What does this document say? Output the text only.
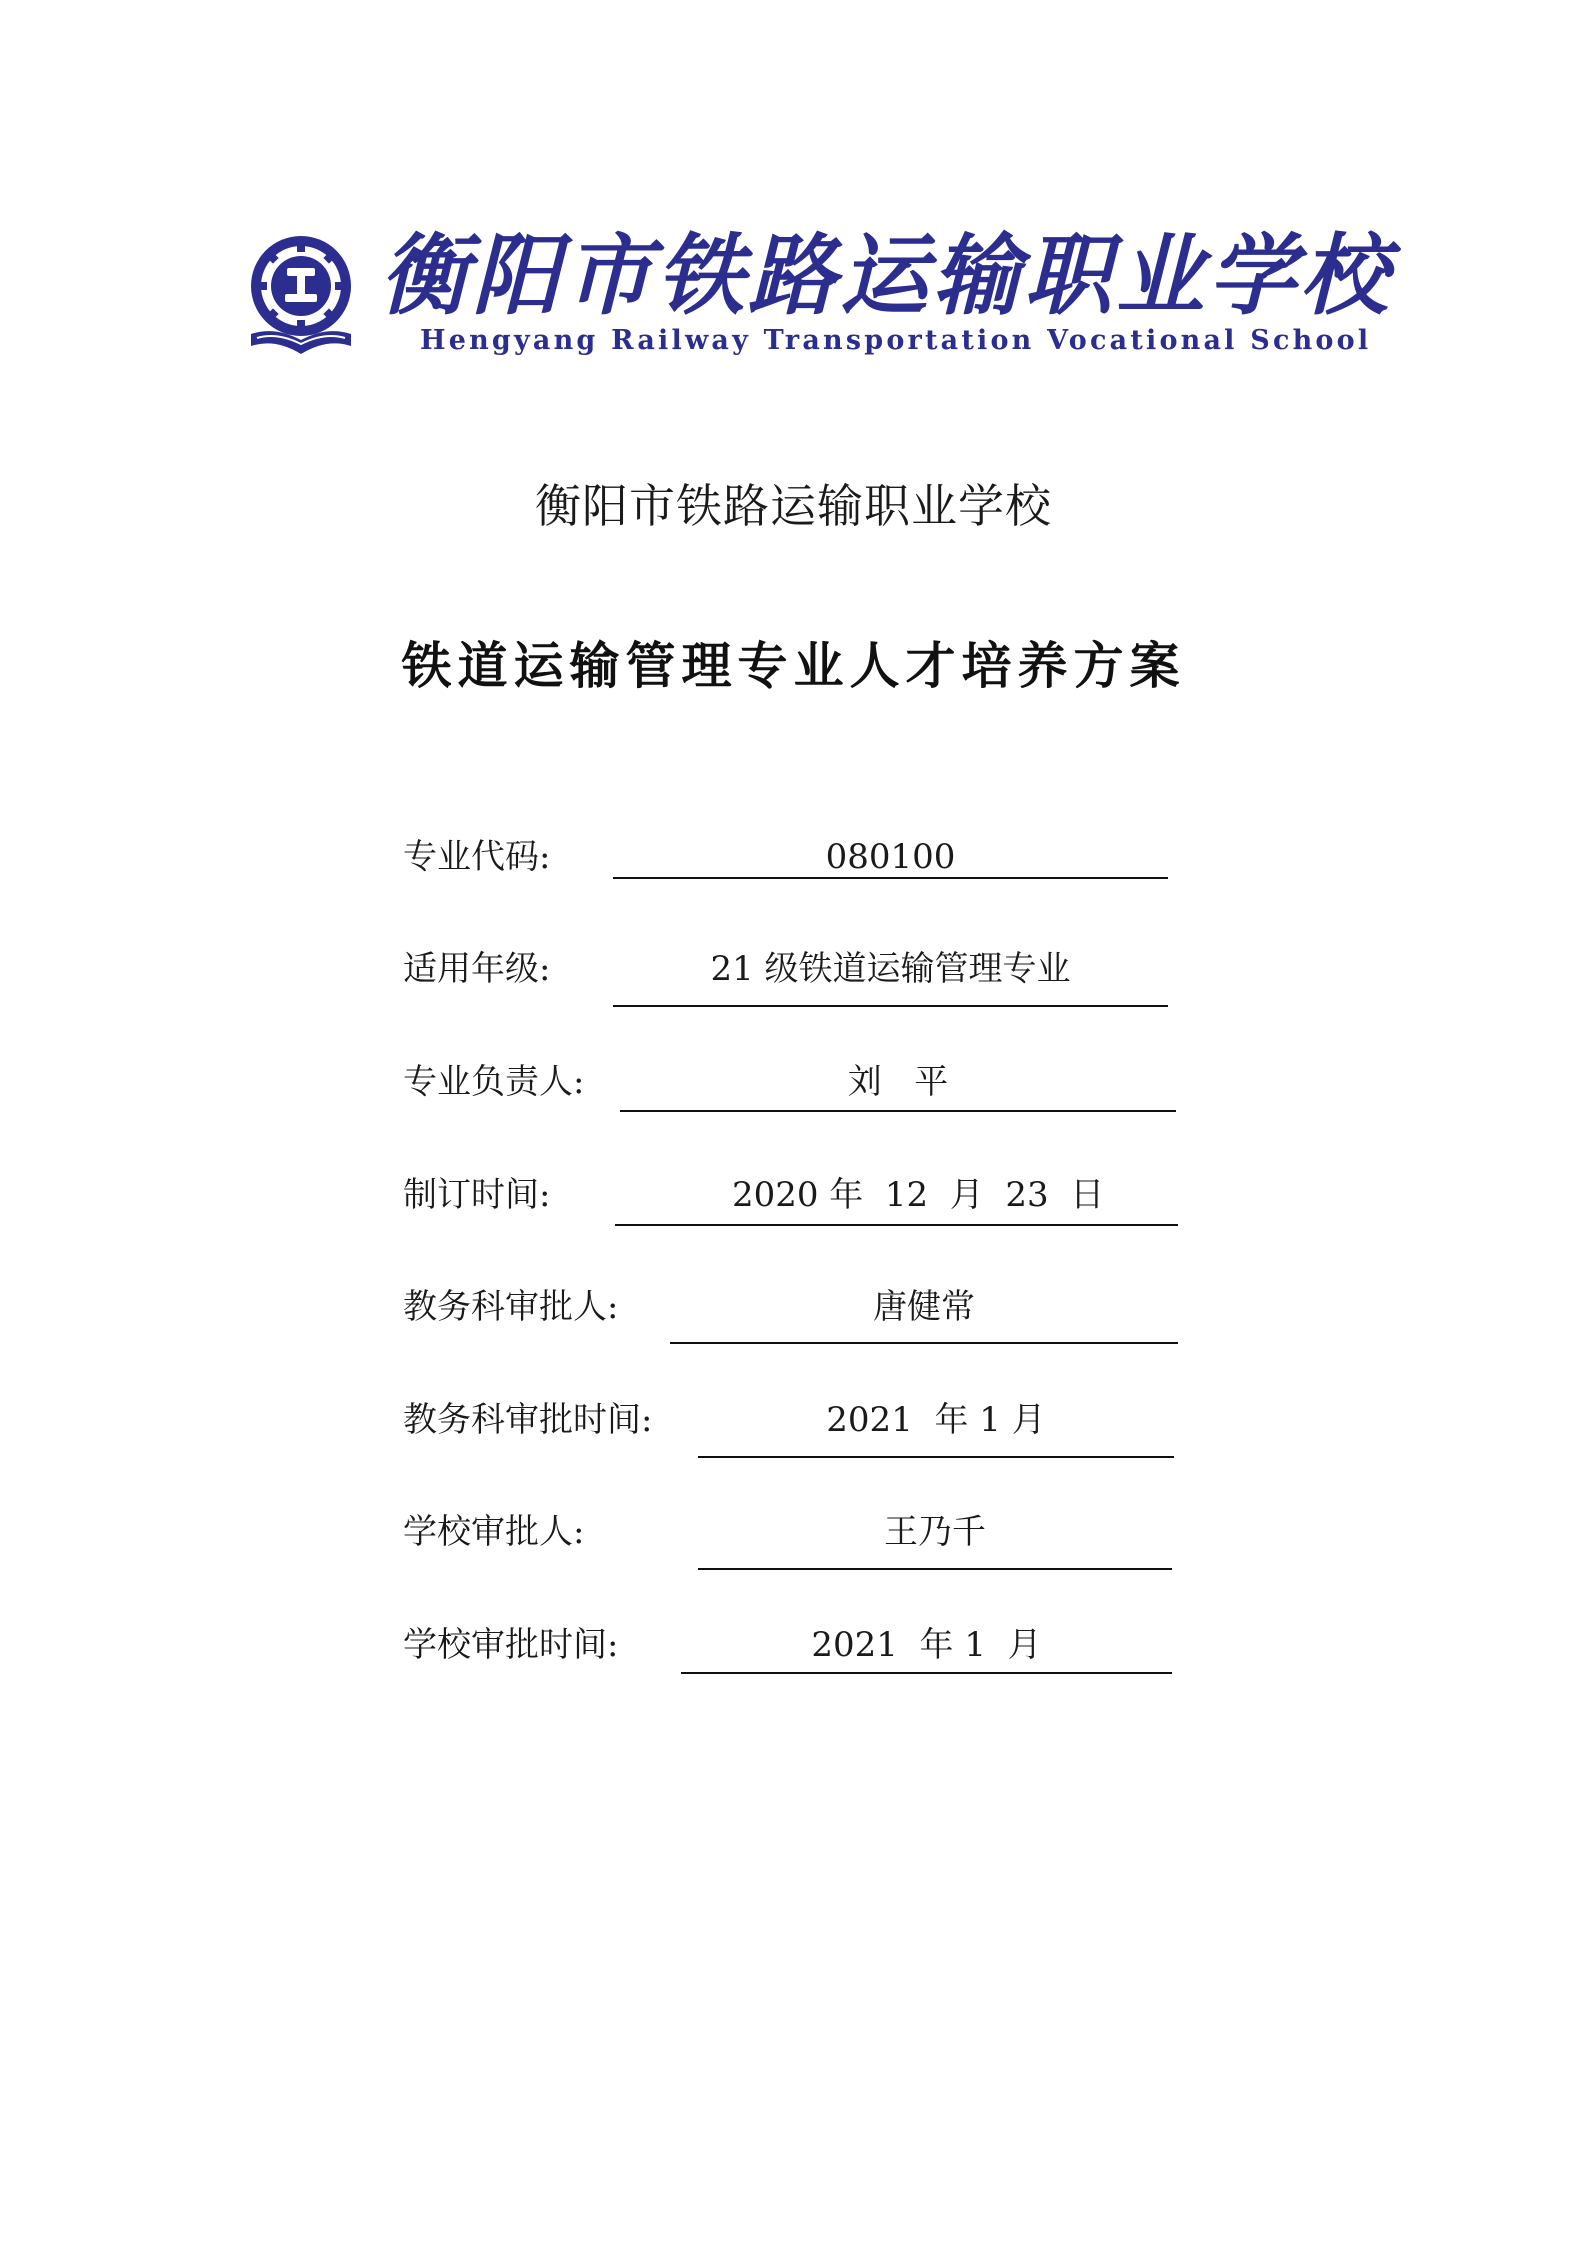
衡阳市铁路运输职业学校
Hengyang Railway Transportation Vocational School
衡阳市铁路运输职业学校
铁道运输管理专业人才培养方案
专业代码:	080100
适用年级:	21 级铁道运输管理专业
专业负责人:	刘   平
制订时间:	2020 年  12  月  23  日
教务科审批人:	唐健常
教务科审批时间:	2021  年 1 月
学校审批人:	王乃千
学校审批时间:	2021  年 1  月
